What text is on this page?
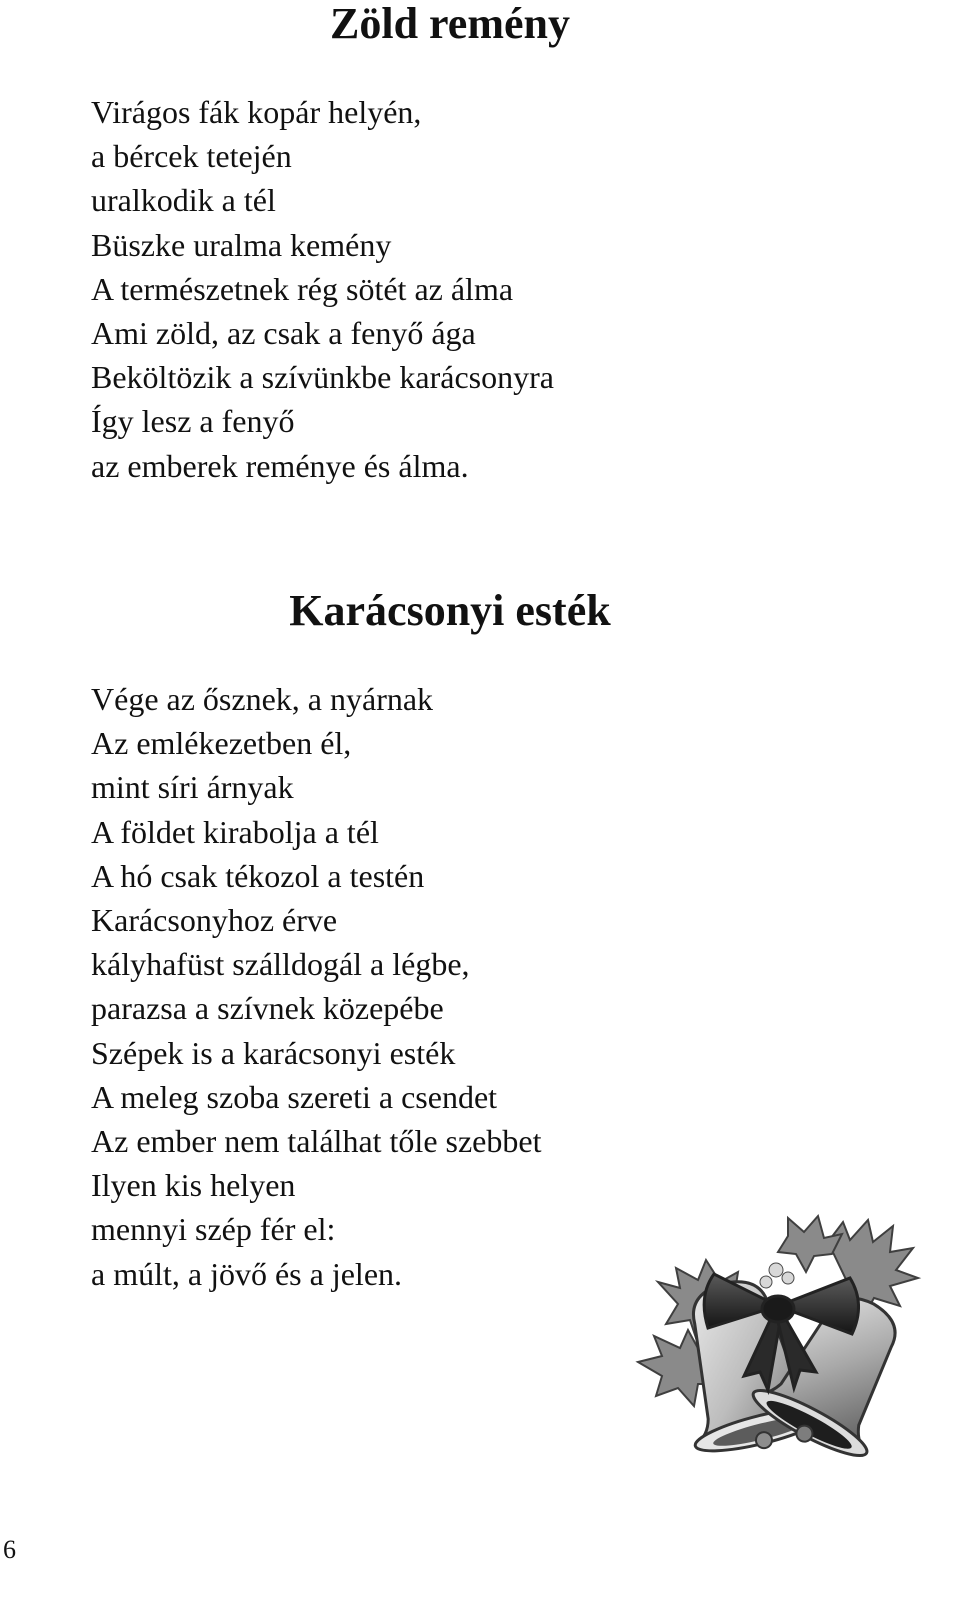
Zöld remény
Virágos fák kopár helyén,
a bércek tetején
uralkodik a tél
Büszke uralma kemény
A természetnek rég sötét az álma
Ami zöld, az csak a fenyő ága
Beköltözik a szívünkbe karácsonyra
Így lesz a fenyő
az emberek reménye és álma.
Karácsonyi esték
Vége az ősznek, a nyárnak
Az emlékezetben él,
mint síri árnyak
A földet kirabolja a tél
A hó csak tékozol a testén
Karácsonyhoz érve
kályhafüst szálldogál a légbe,
parazsa a szívnek közepébe
Szépek is a karácsonyi esték
A meleg szoba szereti a csendet
Az ember nem találhat tőle szebbet
Ilyen kis helyen
mennyi szép fér el:
a múlt, a jövő és a jelen.
6
